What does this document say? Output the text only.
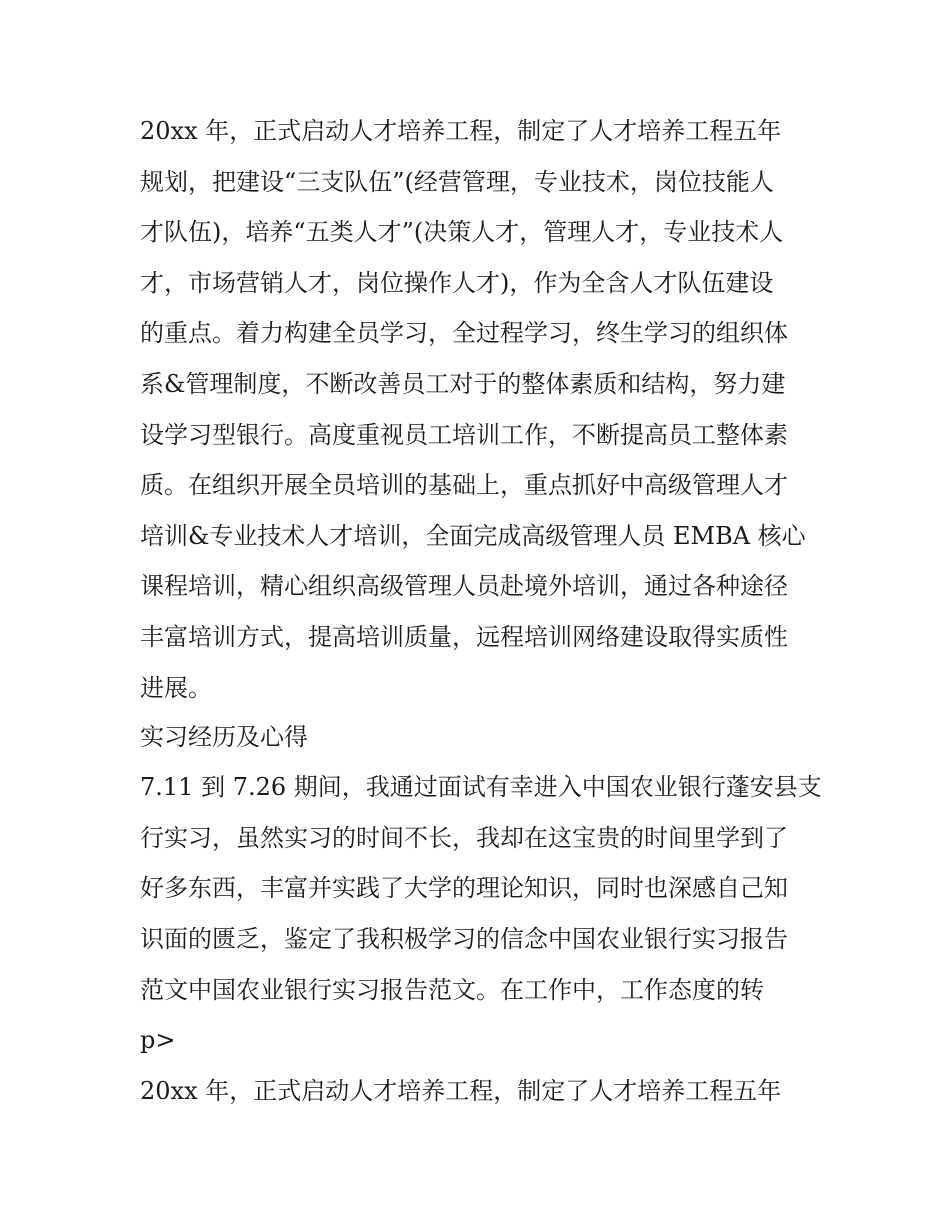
20xx 年，正式启动人才培养工程，制定了人才培养工程五年
规划，把建设“三支队伍”(经营管理，专业技术，岗位技能人
才队伍)，培养“五类人才”(决策人才，管理人才，专业技术人
才，市场营销人才，岗位操作人才)，作为全含人才队伍建设
的重点。着力构建全员学习，全过程学习，终生学习的组织体
系&管理制度，不断改善员工对于的整体素质和结构，努力建
设学习型银行。高度重视员工培训工作，不断提高员工整体素
质。在组织开展全员培训的基础上，重点抓好中高级管理人才
培训&专业技术人才培训，全面完成高级管理人员 EMBA 核心
课程培训，精心组织高级管理人员赴境外培训，通过各种途径
丰富培训方式，提高培训质量，远程培训网络建设取得实质性
进展。
实习经历及心得
7.11 到 7.26 期间，我通过面试有幸进入中国农业银行蓬安县支
行实习，虽然实习的时间不长，我却在这宝贵的时间里学到了
好多东西，丰富并实践了大学的理论知识，同时也深感自己知
识面的匮乏，鉴定了我积极学习的信念中国农业银行实习报告
范文中国农业银行实习报告范文。在工作中，工作态度的转
p>
20xx 年，正式启动人才培养工程，制定了人才培养工程五年
